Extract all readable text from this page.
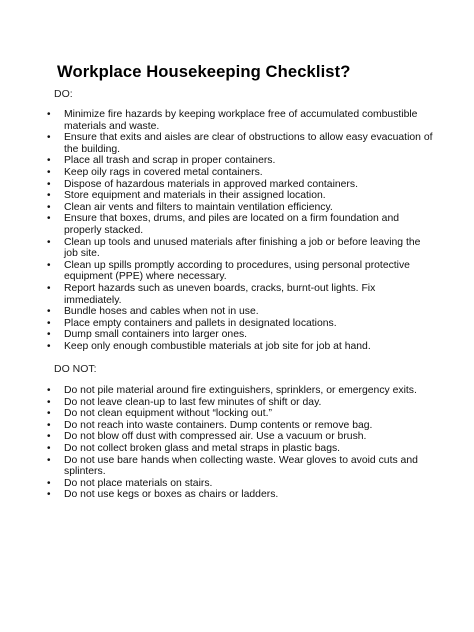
Workplace Housekeeping Checklist?
DO:
• Minimize fire hazards by keeping workplace free of accumulated combustible materials and waste.
• Ensure that exits and aisles are clear of obstructions to allow easy evacuation of the building.
• Place all trash and scrap in proper containers.
• Keep oily rags in covered metal containers.
• Dispose of hazardous materials in approved marked containers.
• Store equipment and materials in their assigned location.
• Clean air vents and filters to maintain ventilation efficiency.
• Ensure that boxes, drums, and piles are located on a firm foundation and properly stacked.
• Clean up tools and unused materials after finishing a job or before leaving the job site.
• Clean up spills promptly according to procedures, using personal protective equipment (PPE) where necessary.
• Report hazards such as uneven boards, cracks, burnt-out lights. Fix immediately.
• Bundle hoses and cables when not in use.
• Place empty containers and pallets in designated locations.
• Dump small containers into larger ones.
• Keep only enough combustible materials at job site for job at hand.
DO NOT:
• Do not pile material around fire extinguishers, sprinklers, or emergency exits.
• Do not leave clean-up to last few minutes of shift or day.
• Do not clean equipment without “locking out.”
• Do not reach into waste containers. Dump contents or remove bag.
• Do not blow off dust with compressed air. Use a vacuum or brush.
• Do not collect broken glass and metal straps in plastic bags.
• Do not use bare hands when collecting waste. Wear gloves to avoid cuts and splinters.
• Do not place materials on stairs.
• Do not use kegs or boxes as chairs or ladders.
